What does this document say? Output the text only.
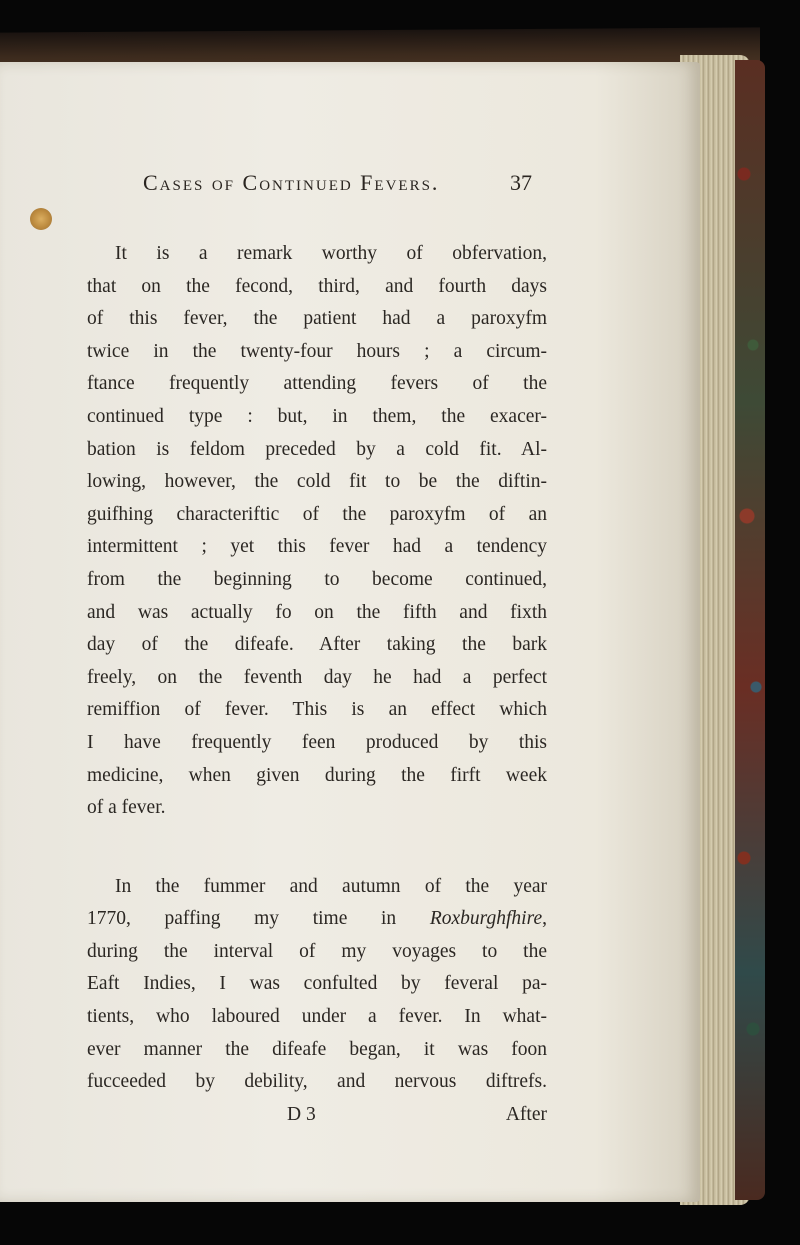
Cases of Continued Fevers.	37
It is a remark worthy of obfervation,
that on the fecond, third, and fourth days
of this fever, the patient had a paroxyfm
twice in the twenty-four hours ; a circum-
ftance frequently attending fevers of the
continued type : but, in them, the exacer-
bation is feldom preceded by a cold fit. Al-
lowing, however, the cold fit to be the diftin-
guifhing characteriftic of the paroxyfm of an
intermittent ; yet this fever had a tendency
from the beginning to become continued,
and was actually fo on the fifth and fixth
day of the difeafe. After taking the bark
freely, on the feventh day he had a perfect
remiffion of fever. This is an effect which
I have frequently feen produced by this
medicine, when given during the firft week
of a fever.
In the fummer and autumn of the year
1770, paffing my time in Roxburghfhire,
during the interval of my voyages to the
Eaft Indies, I was confulted by feveral pa-
tients, who laboured under a fever. In what-
ever manner the difeafe began, it was foon
fucceeded by debility, and nervous diftrefs.
D 3	After
